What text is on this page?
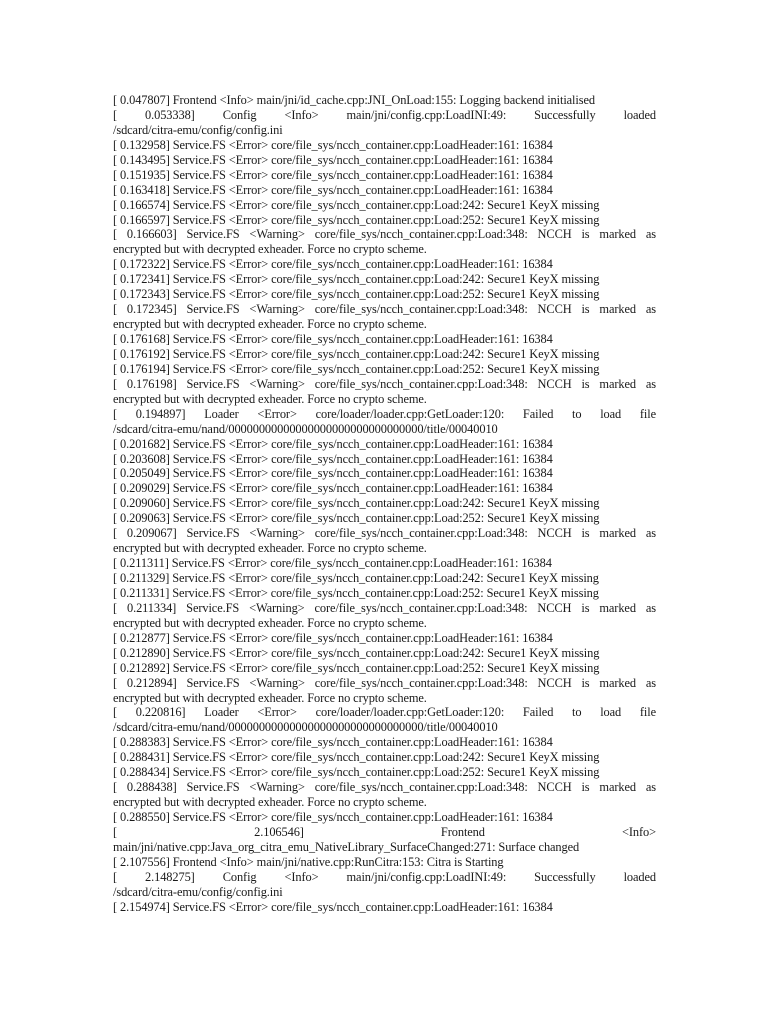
[ 0.047807] Frontend <Info> main/jni/id_cache.cpp:JNI_OnLoad:155: Logging backend initialised
[ 0.053338] Config <Info> main/jni/config.cpp:LoadINI:49: Successfully loaded
/sdcard/citra-emu/config/config.ini
[ 0.132958] Service.FS <Error> core/file_sys/ncch_container.cpp:LoadHeader:161: 16384
[ 0.143495] Service.FS <Error> core/file_sys/ncch_container.cpp:LoadHeader:161: 16384
[ 0.151935] Service.FS <Error> core/file_sys/ncch_container.cpp:LoadHeader:161: 16384
[ 0.163418] Service.FS <Error> core/file_sys/ncch_container.cpp:LoadHeader:161: 16384
[ 0.166574] Service.FS <Error> core/file_sys/ncch_container.cpp:Load:242: Secure1 KeyX missing
[ 0.166597] Service.FS <Error> core/file_sys/ncch_container.cpp:Load:252: Secure1 KeyX missing
[ 0.166603] Service.FS <Warning> core/file_sys/ncch_container.cpp:Load:348: NCCH is marked as
encrypted but with decrypted exheader. Force no crypto scheme.
[ 0.172322] Service.FS <Error> core/file_sys/ncch_container.cpp:LoadHeader:161: 16384
[ 0.172341] Service.FS <Error> core/file_sys/ncch_container.cpp:Load:242: Secure1 KeyX missing
[ 0.172343] Service.FS <Error> core/file_sys/ncch_container.cpp:Load:252: Secure1 KeyX missing
[ 0.172345] Service.FS <Warning> core/file_sys/ncch_container.cpp:Load:348: NCCH is marked as
encrypted but with decrypted exheader. Force no crypto scheme.
[ 0.176168] Service.FS <Error> core/file_sys/ncch_container.cpp:LoadHeader:161: 16384
[ 0.176192] Service.FS <Error> core/file_sys/ncch_container.cpp:Load:242: Secure1 KeyX missing
[ 0.176194] Service.FS <Error> core/file_sys/ncch_container.cpp:Load:252: Secure1 KeyX missing
[ 0.176198] Service.FS <Warning> core/file_sys/ncch_container.cpp:Load:348: NCCH is marked as
encrypted but with decrypted exheader. Force no crypto scheme.
[ 0.194897] Loader <Error> core/loader/loader.cpp:GetLoader:120: Failed to load file
/sdcard/citra-emu/nand/00000000000000000000000000000000/title/00040010
[ 0.201682] Service.FS <Error> core/file_sys/ncch_container.cpp:LoadHeader:161: 16384
[ 0.203608] Service.FS <Error> core/file_sys/ncch_container.cpp:LoadHeader:161: 16384
[ 0.205049] Service.FS <Error> core/file_sys/ncch_container.cpp:LoadHeader:161: 16384
[ 0.209029] Service.FS <Error> core/file_sys/ncch_container.cpp:LoadHeader:161: 16384
[ 0.209060] Service.FS <Error> core/file_sys/ncch_container.cpp:Load:242: Secure1 KeyX missing
[ 0.209063] Service.FS <Error> core/file_sys/ncch_container.cpp:Load:252: Secure1 KeyX missing
[ 0.209067] Service.FS <Warning> core/file_sys/ncch_container.cpp:Load:348: NCCH is marked as
encrypted but with decrypted exheader. Force no crypto scheme.
[ 0.211311] Service.FS <Error> core/file_sys/ncch_container.cpp:LoadHeader:161: 16384
[ 0.211329] Service.FS <Error> core/file_sys/ncch_container.cpp:Load:242: Secure1 KeyX missing
[ 0.211331] Service.FS <Error> core/file_sys/ncch_container.cpp:Load:252: Secure1 KeyX missing
[ 0.211334] Service.FS <Warning> core/file_sys/ncch_container.cpp:Load:348: NCCH is marked as
encrypted but with decrypted exheader. Force no crypto scheme.
[ 0.212877] Service.FS <Error> core/file_sys/ncch_container.cpp:LoadHeader:161: 16384
[ 0.212890] Service.FS <Error> core/file_sys/ncch_container.cpp:Load:242: Secure1 KeyX missing
[ 0.212892] Service.FS <Error> core/file_sys/ncch_container.cpp:Load:252: Secure1 KeyX missing
[ 0.212894] Service.FS <Warning> core/file_sys/ncch_container.cpp:Load:348: NCCH is marked as
encrypted but with decrypted exheader. Force no crypto scheme.
[ 0.220816] Loader <Error> core/loader/loader.cpp:GetLoader:120: Failed to load file
/sdcard/citra-emu/nand/00000000000000000000000000000000/title/00040010
[ 0.288383] Service.FS <Error> core/file_sys/ncch_container.cpp:LoadHeader:161: 16384
[ 0.288431] Service.FS <Error> core/file_sys/ncch_container.cpp:Load:242: Secure1 KeyX missing
[ 0.288434] Service.FS <Error> core/file_sys/ncch_container.cpp:Load:252: Secure1 KeyX missing
[ 0.288438] Service.FS <Warning> core/file_sys/ncch_container.cpp:Load:348: NCCH is marked as
encrypted but with decrypted exheader. Force no crypto scheme.
[ 0.288550] Service.FS <Error> core/file_sys/ncch_container.cpp:LoadHeader:161: 16384
[ 2.106546] Frontend <Info>
main/jni/native.cpp:Java_org_citra_emu_NativeLibrary_SurfaceChanged:271: Surface changed
[ 2.107556] Frontend <Info> main/jni/native.cpp:RunCitra:153: Citra is Starting
[ 2.148275] Config <Info> main/jni/config.cpp:LoadINI:49: Successfully loaded
/sdcard/citra-emu/config/config.ini
[ 2.154974] Service.FS <Error> core/file_sys/ncch_container.cpp:LoadHeader:161: 16384
